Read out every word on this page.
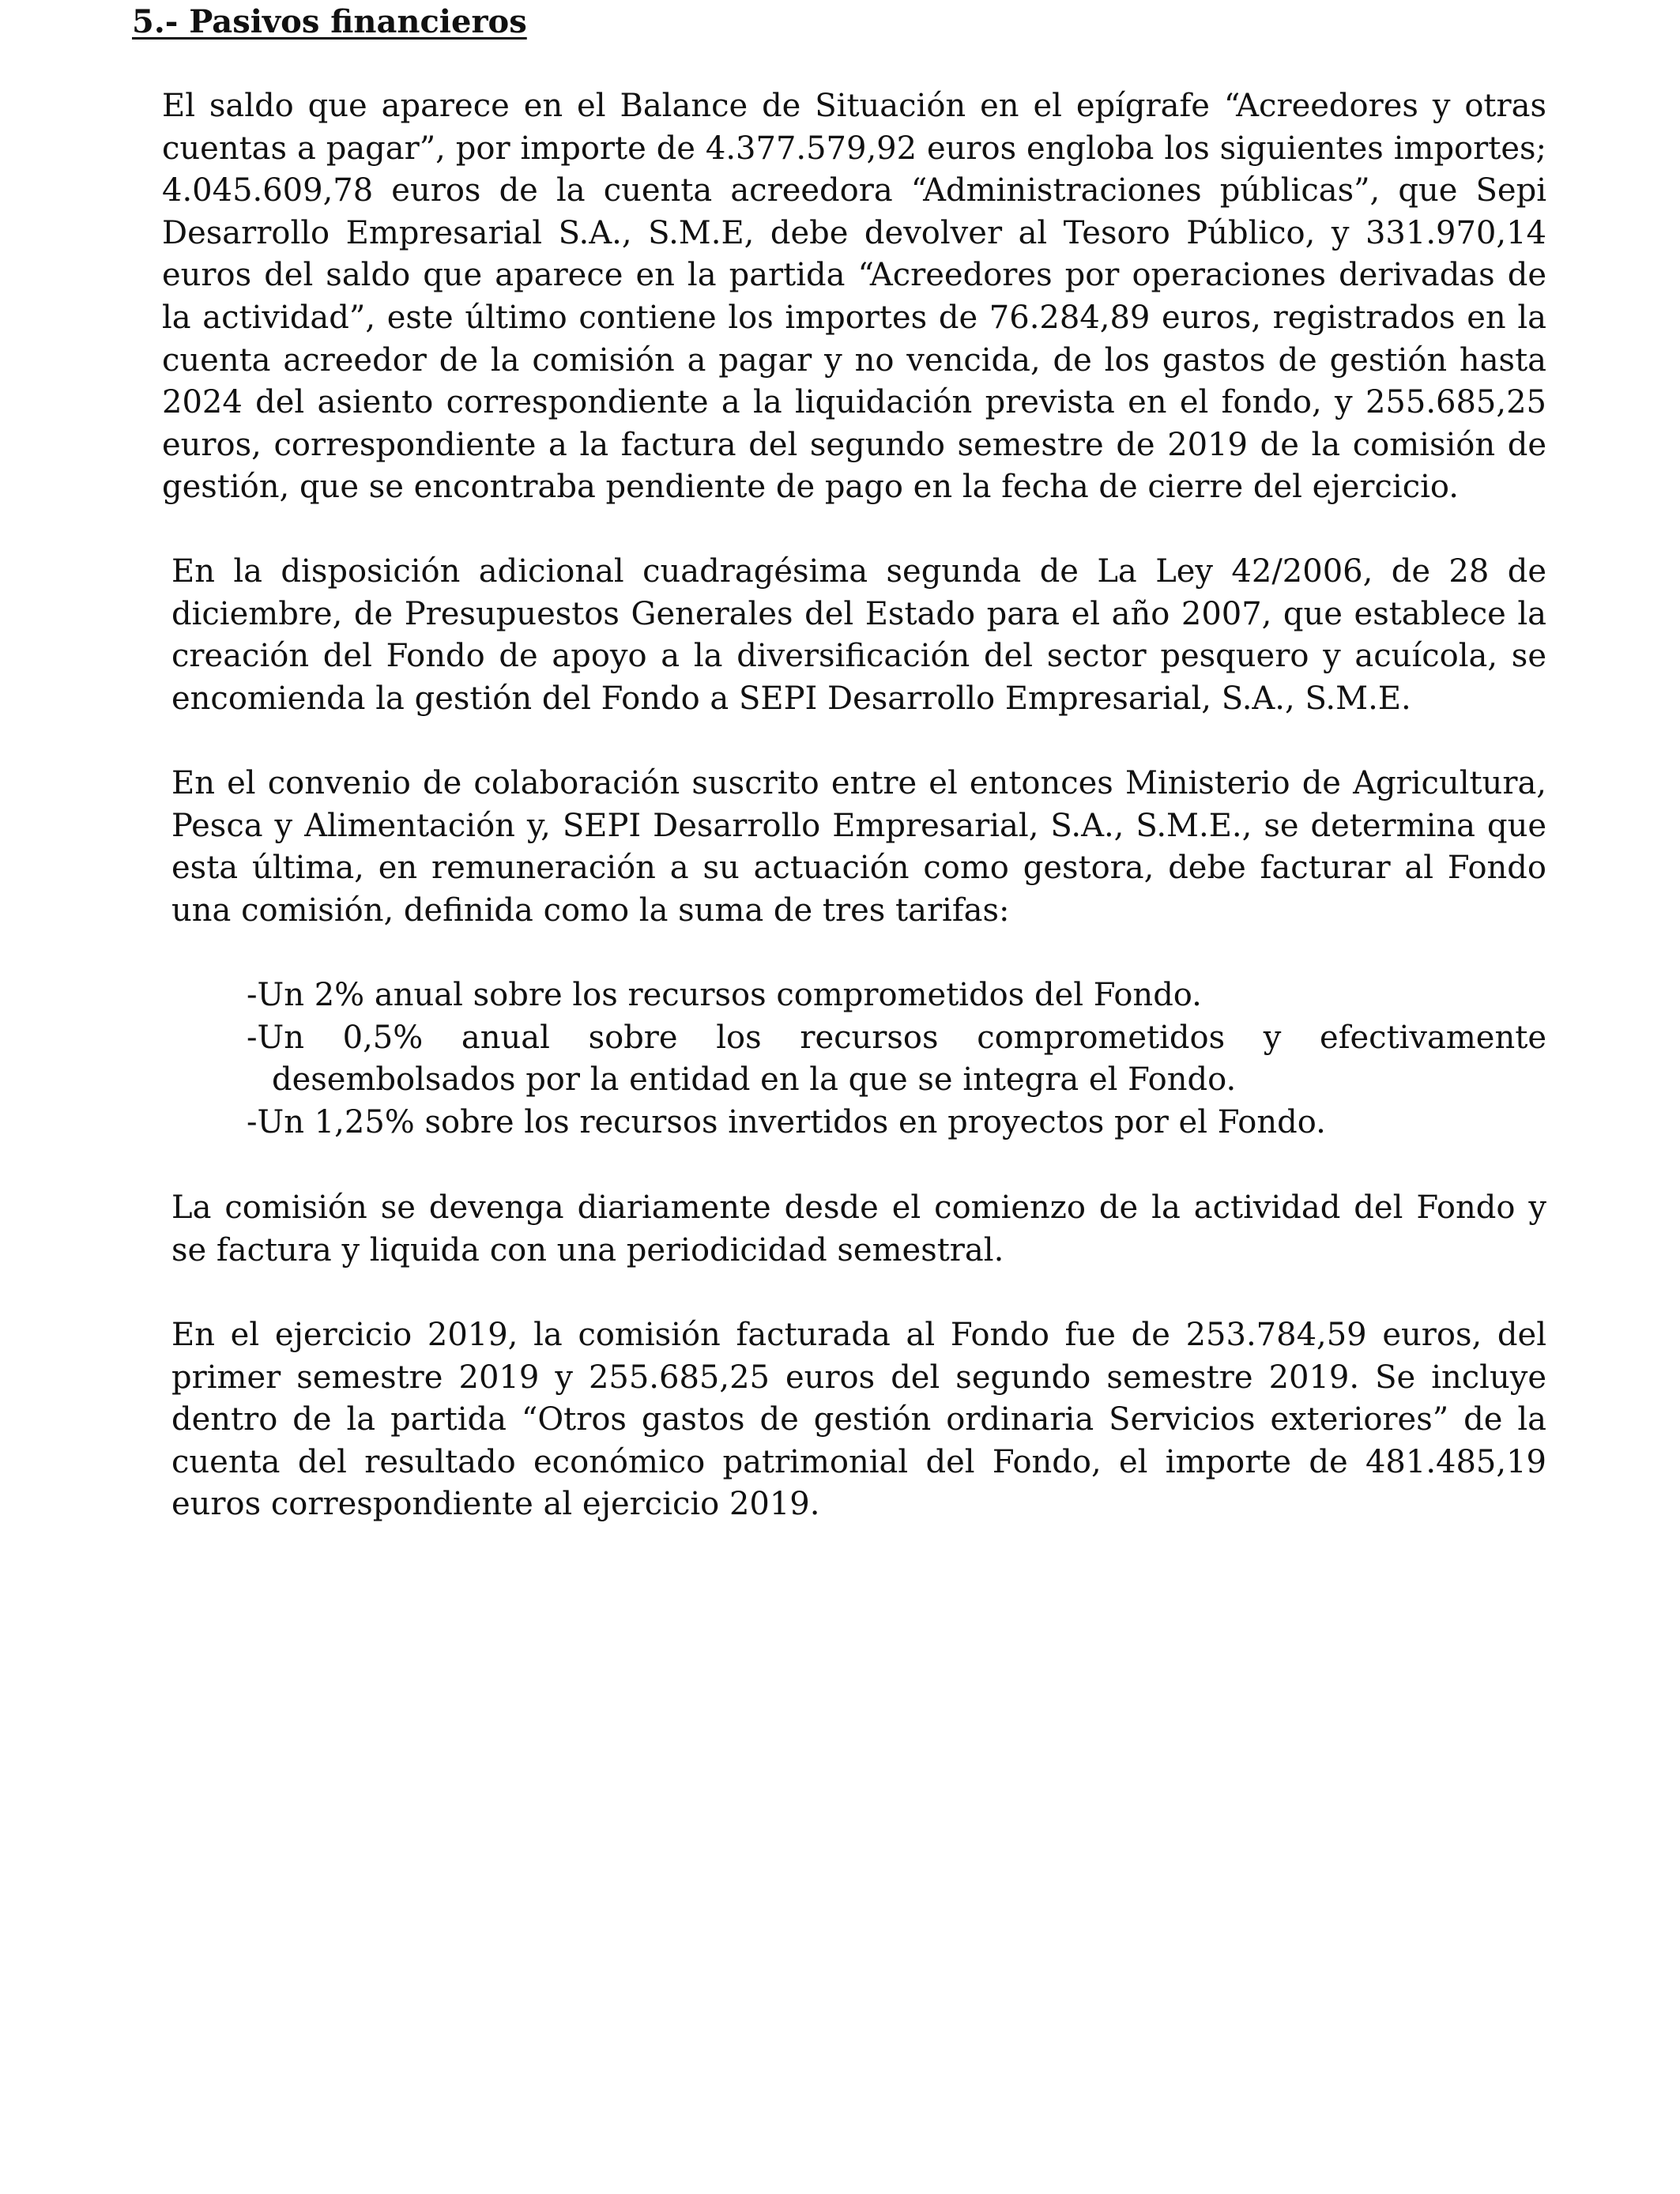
5.- Pasivos financieros

El saldo que aparece en el Balance de Situación en el epígrafe “Acreedores y otras cuentas a pagar”, por importe de 4.377.579,92 euros engloba los siguientes importes; 4.045.609,78 euros de la cuenta acreedora “Administraciones públicas”, que Sepi Desarrollo Empresarial S.A., S.M.E, debe devolver al Tesoro Público, y 331.970,14 euros del saldo que aparece en la partida “Acreedores por operaciones derivadas de la actividad”, este último contiene los importes de 76.284,89 euros, registrados en la cuenta acreedor de la comisión a pagar y no vencida, de los gastos de gestión hasta 2024 del asiento correspondiente a la liquidación prevista en el fondo, y 255.685,25 euros, correspondiente a la factura del segundo semestre de 2019 de la comisión de gestión, que se encontraba pendiente de pago en la fecha de cierre del ejercicio.

En la disposición adicional cuadragésima segunda de La Ley 42/2006, de 28 de diciembre, de Presupuestos Generales del Estado para el año 2007, que establece la creación del Fondo de apoyo a la diversificación del sector pesquero y acuícola, se encomienda la gestión del Fondo a SEPI Desarrollo Empresarial, S.A., S.M.E.

En el convenio de colaboración suscrito entre el entonces Ministerio de Agricultura, Pesca y Alimentación y, SEPI Desarrollo Empresarial, S.A., S.M.E., se determina que esta última, en remuneración a su actuación como gestora, debe facturar al Fondo una comisión, definida como la suma de tres tarifas:

-Un 2% anual sobre los recursos comprometidos del Fondo.
-Un 0,5% anual sobre los recursos comprometidos y efectivamente desembolsados por la entidad en la que se integra el Fondo.
-Un 1,25% sobre los recursos invertidos en proyectos por el Fondo.

La comisión se devenga diariamente desde el comienzo de la actividad del Fondo y se factura y liquida con una periodicidad semestral.

En el ejercicio 2019, la comisión facturada al Fondo fue de 253.784,59 euros, del primer semestre 2019 y 255.685,25 euros del segundo semestre 2019. Se incluye dentro de la partida “Otros gastos de gestión ordinaria Servicios exteriores” de la cuenta del resultado económico patrimonial del Fondo, el importe de 481.485,19 euros correspondiente al ejercicio 2019.
